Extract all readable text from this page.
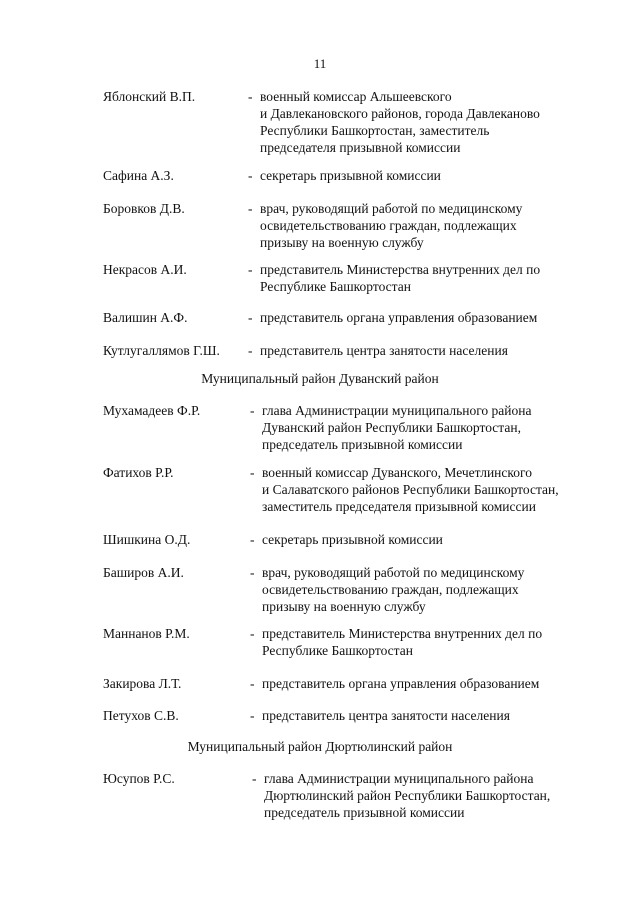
11
Яблонский В.П.	- военный комиссар Альшеевского
и Давлекановского районов, города Давлеканово
Республики Башкортостан, заместитель
председателя призывной комиссии
Сафина А.З.	- секретарь призывной комиссии
Боровков Д.В.	- врач, руководящий работой по медицинскому
освидетельствованию граждан, подлежащих
призыву на военную службу
Некрасов А.И.	- представитель Министерства внутренних дел по
Республике Башкортостан
Валишин А.Ф.	- представитель органа управления образованием
Кутлугаллямов Г.Ш. - представитель центра занятости населения
Муниципальный район Дуванский район
Мухамадеев Ф.Р.	- глава Администрации муниципального района
Дуванский район Республики Башкортостан,
председатель призывной комиссии
Фатихов Р.Р.	- военный комиссар Дуванского, Мечетлинского
и Салаватского районов Республики Башкортостан,
заместитель председателя призывной комиссии
Шишкина О.Д.	- секретарь призывной комиссии
Баширов А.И.	- врач, руководящий работой по медицинскому
освидетельствованию граждан, подлежащих
призыву на военную службу
Маннанов Р.М.	- представитель Министерства внутренних дел по
Республике Башкортостан
Закирова Л.Т.	- представитель органа управления образованием
Петухов С.В.	- представитель центра занятости населения
Муниципальный район Дюртюлинский район
Юсупов Р.С.	- глава Администрации муниципального района
Дюртюлинский район Республики Башкортостан,
председатель призывной комиссии
